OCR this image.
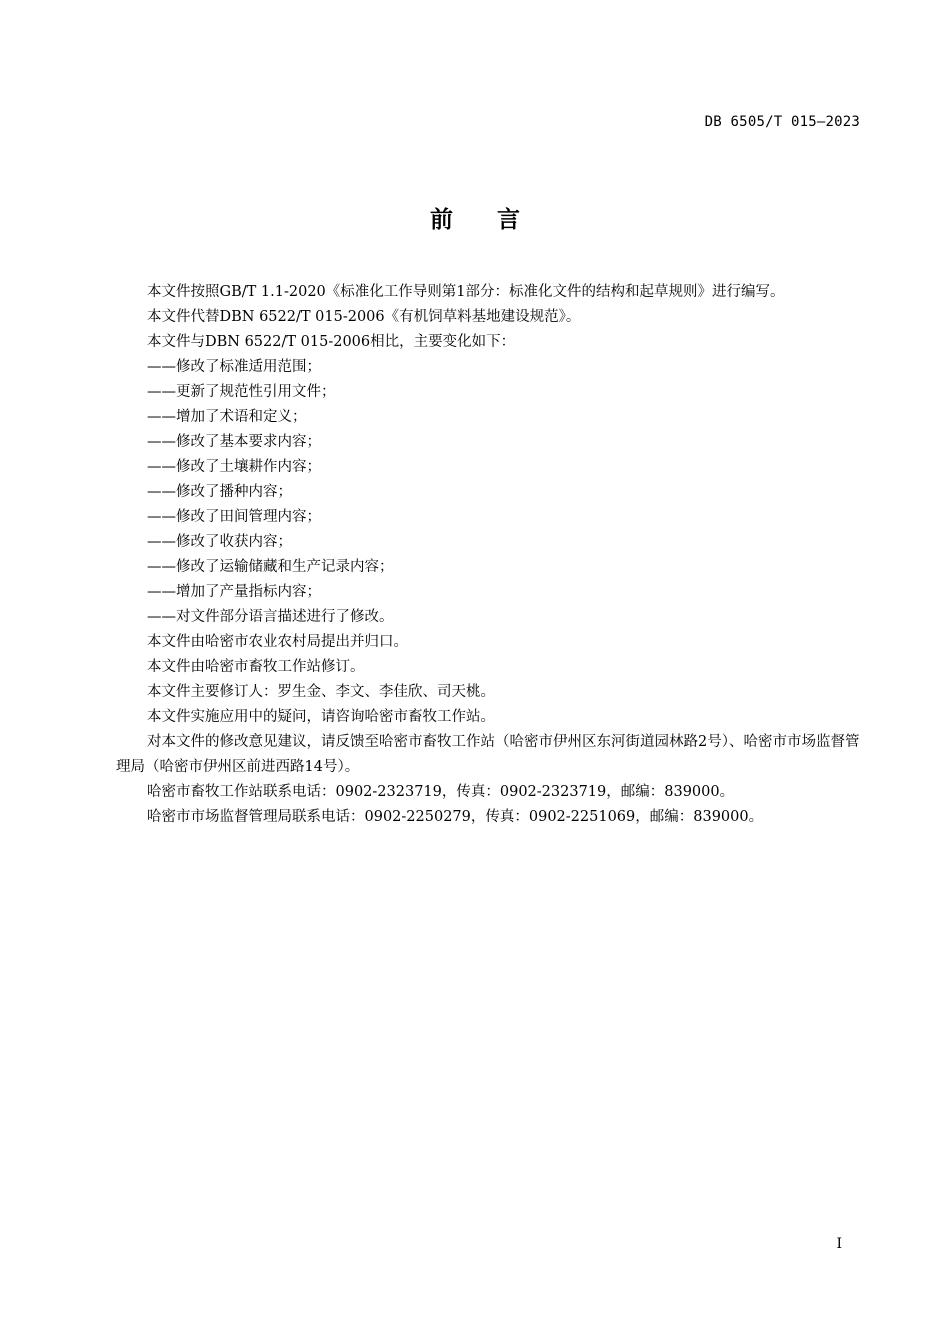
DB 6505/T 015—2023
前言

本文件按照GB/T 1.1-2020《标准化工作导则第1部分：标准化文件的结构和起草规则》进行编写。

本文件代替DBN 6522/T 015-2006《有机饲草料基地建设规范》。

本文件与DBN 6522/T 015-2006相比，主要变化如下：

——修改了标准适用范围；

——更新了规范性引用文件；

——增加了术语和定义；

——修改了基本要求内容；

——修改了土壤耕作内容；

——修改了播种内容；

——修改了田间管理内容；

——修改了收获内容；

——修改了运输储藏和生产记录内容；

——增加了产量指标内容；

——对文件部分语言描述进行了修改。

本文件由哈密市农业农村局提出并归口。

本文件由哈密市畜牧工作站修订。

本文件主要修订人：罗生金、李文、李佳欣、司天桃。

本文件实施应用中的疑问，请咨询哈密市畜牧工作站。

对本文件的修改意见建议，请反馈至哈密市畜牧工作站（哈密市伊州区东河街道园林路2号）、哈密市市场监督管理局（哈密市伊州区前进西路14号）。

哈密市畜牧工作站联系电话：0902-2323719，传真：0902-2323719，邮编：839000。

哈密市市场监督管理局联系电话：0902-2250279，传真：0902-2251069，邮编：839000。

I
